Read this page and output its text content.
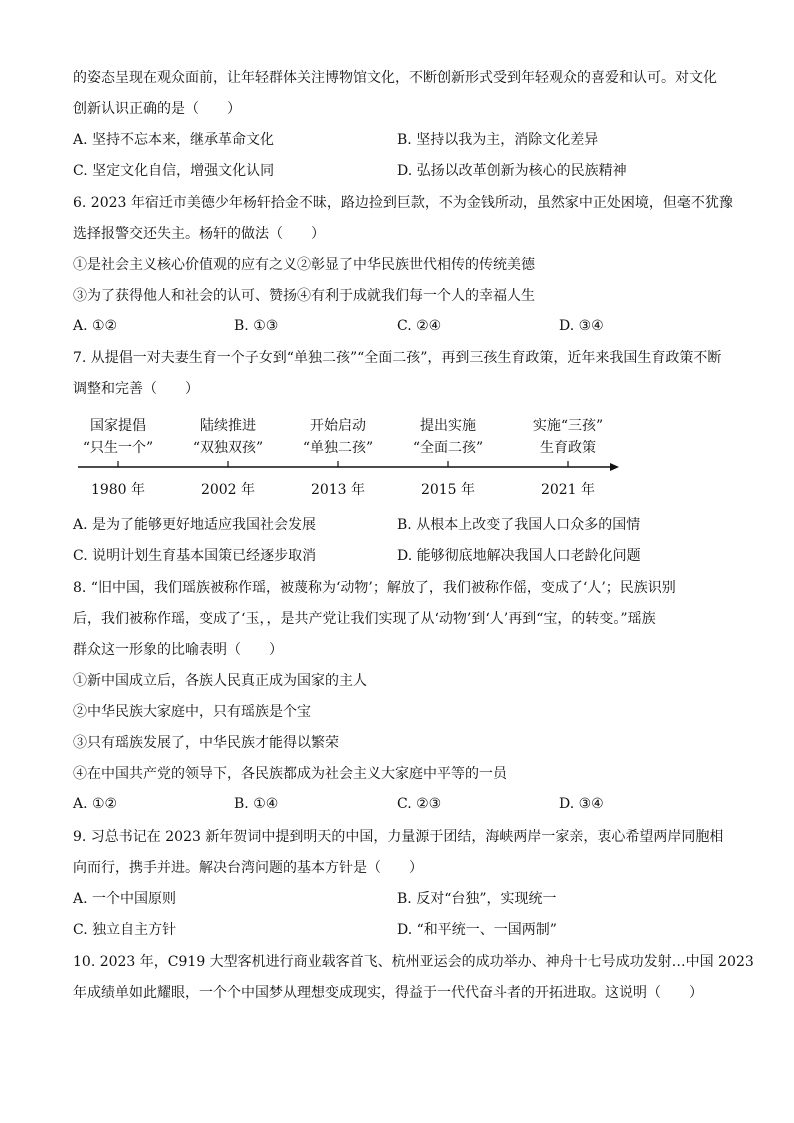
的姿态呈现在观众面前，让年轻群体关注博物馆文化，不断创新形式受到年轻观众的喜爱和认可。对文化
创新认识正确的是（　　）
A. 坚持不忘本来，继承革命文化	B. 坚持以我为主，消除文化差异
C. 坚定文化自信，增强文化认同	D. 弘扬以改革创新为核心的民族精神
6. 2023 年宿迁市美德少年杨轩拾金不昧，路边捡到巨款，不为金钱所动，虽然家中正处困境，但毫不犹豫
选择报警交还失主。杨轩的做法（　　）
①是社会主义核心价值观的应有之义②彰显了中华民族世代相传的传统美德
③为了获得他人和社会的认可、赞扬④有利于成就我们每一个人的幸福人生
A. ①②	B. ①③	C. ②④	D. ③④
7. 从提倡一对夫妻生育一个子女到“单独二孩”“全面二孩”，再到三孩生育政策，近年来我国生育政策不断
调整和完善（　　）
国家提倡
“只生一个”
1980 年
陆续推进
“双独双孩”
2002 年
开始启动
“单独二孩”
2013 年
提出实施
“全面二孩”
2015 年
实施“三孩”
生育政策
2021 年
A. 是为了能够更好地适应我国社会发展	B. 从根本上改变了我国人口众多的国情
C. 说明计划生育基本国策已经逐步取消	D. 能够彻底地解决我国人口老龄化问题
8. “旧中国，我们瑶族被称作瑶，被蔑称为‘动物’；解放了，我们被称作傜，变成了‘人’；民族识别
后，我们被称作瑶，变成了‘玉，，是共产党让我们实现了从‘动物’到‘人’再到“宝，的转变。”瑶族
群众这一形象的比喻表明（　　）
①新中国成立后，各族人民真正成为国家的主人
②中华民族大家庭中，只有瑶族是个宝
③只有瑶族发展了，中华民族才能得以繁荣
④在中国共产党的领导下，各民族都成为社会主义大家庭中平等的一员
A. ①②	B. ①④	C. ②③	D. ③④
9. 习总书记在 2023 新年贺词中提到明天的中国，力量源于团结，海峡两岸一家亲，衷心希望两岸同胞相
向而行，携手并进。解决台湾问题的基本方针是（　　）
A. 一个中国原则	B. 反对“台独”，实现统一
C. 独立自主方针	D. “和平统一、一国两制”
10. 2023 年，C919 大型客机进行商业载客首飞、杭州亚运会的成功举办、神舟十七号成功发射…中国 2023
年成绩单如此耀眼，一个个中国梦从理想变成现实，得益于一代代奋斗者的开拓进取。这说明（　　）
